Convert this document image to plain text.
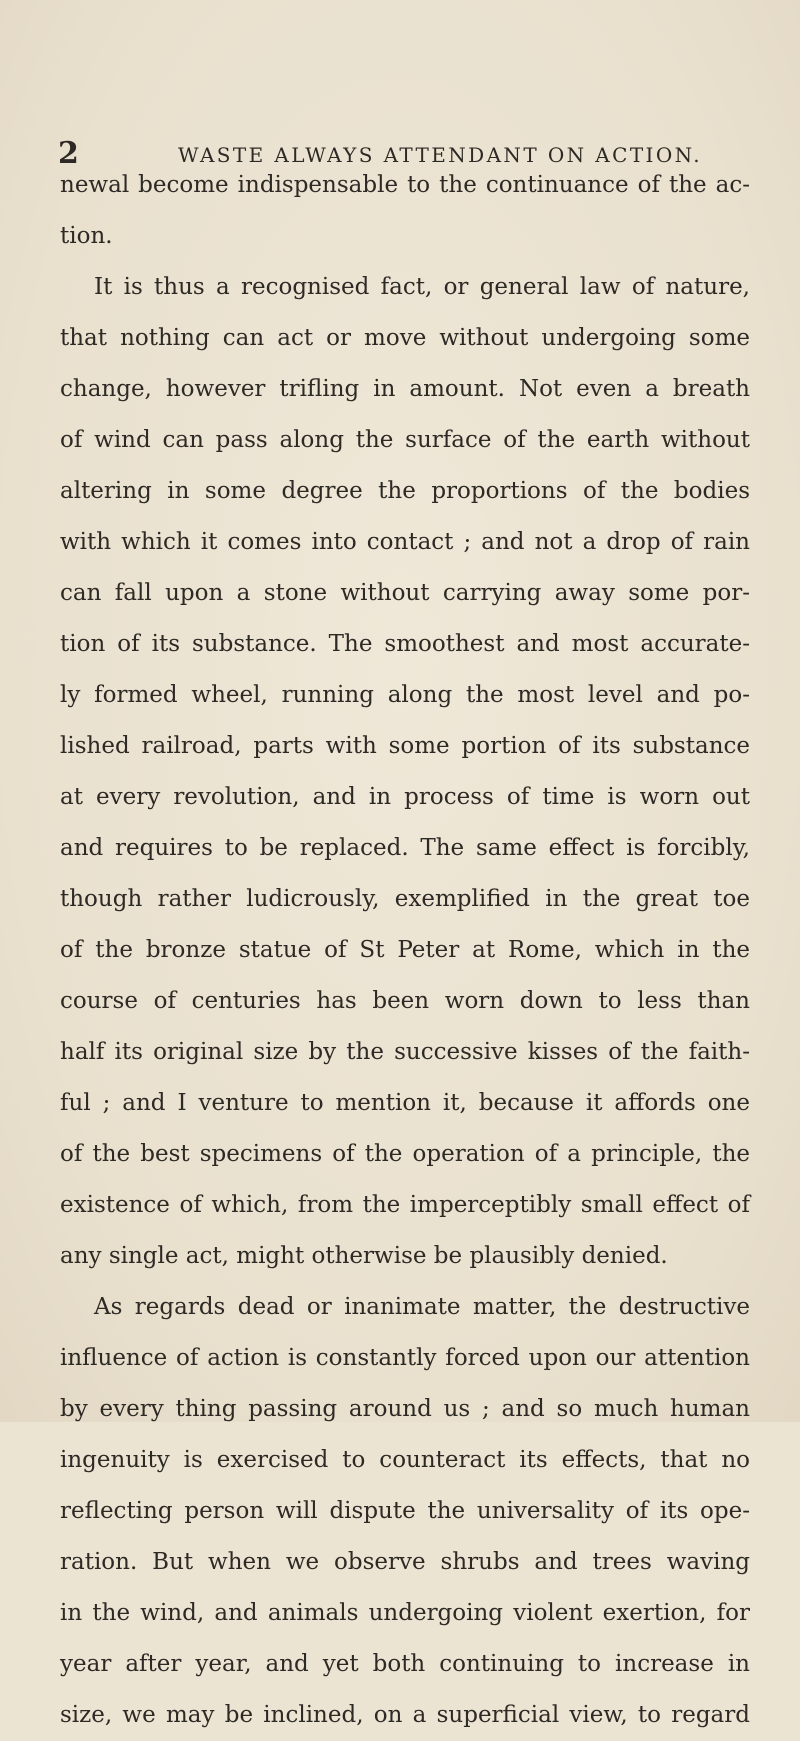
2	WASTE ALWAYS ATTENDANT ON ACTION.
newal become indispensable to the continuance of the ac-
tion.
It is thus a recognised fact, or general law of nature,
that nothing can act or move without undergoing some
change, however trifling in amount. Not even a breath
of wind can pass along the surface of the earth without
altering in some degree the proportions of the bodies
with which it comes into contact ; and not a drop of rain
can fall upon a stone without carrying away some por-
tion of its substance. The smoothest and most accurate-
ly formed wheel, running along the most level and po-
lished railroad, parts with some portion of its substance
at every revolution, and in process of time is worn out
and requires to be replaced. The same effect is forcibly,
though rather ludicrously, exemplified in the great toe
of the bronze statue of St Peter at Rome, which in the
course of centuries has been worn down to less than
half its original size by the successive kisses of the faith-
ful ; and I venture to mention it, because it affords one
of the best specimens of the operation of a principle, the
existence of which, from the imperceptibly small effect of
any single act, might otherwise be plausibly denied.
As regards dead or inanimate matter, the destructive
influence of action is constantly forced upon our attention
by every thing passing around us ; and so much human
ingenuity is exercised to counteract its effects, that no
reflecting person will dispute the universality of its ope-
ration. But when we observe shrubs and trees waving
in the wind, and animals undergoing violent exertion, for
year after year, and yet both continuing to increase in
size, we may be inclined, on a superficial view, to regard
